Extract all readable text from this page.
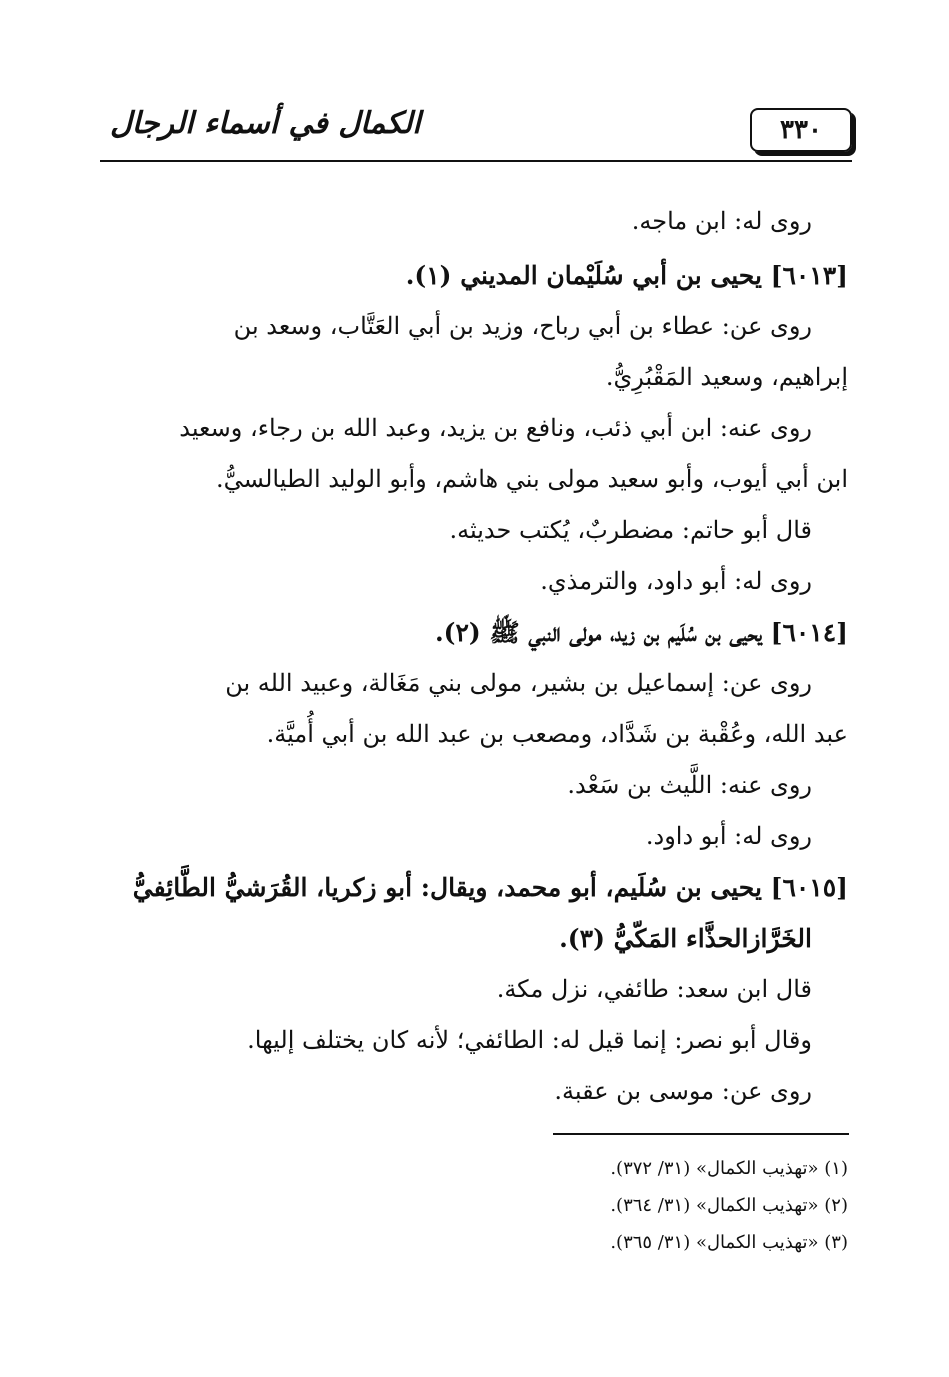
٣٣٠
الكمال في أسماء الرجال
روى له: ابن ماجه.
[٦٠١٣] يحيى بن أبي سُلَيْمان المديني (١).
روى عن: عطاء بن أبي رباح، وزيد بن أبي العَتَّاب، وسعد بن
إبراهيم، وسعيد المَقْبُرِيُّ.
روى عنه: ابن أبي ذئب، ونافع بن يزيد، وعبد الله بن رجاء، وسعيد
ابن أبي أيوب، وأبو سعيد مولى بني هاشم، وأبو الوليد الطيالسيُّ.
قال أبو حاتم: مضطربٌ، يُكتب حديثه.
روى له: أبو داود، والترمذي.
[٦٠١٤] يحيى بن سُلَيم بن زيد، مولى النبي ﷺ (٢).
روى عن: إسماعيل بن بشير، مولى بني مَغَالة، وعبيد الله بن
عبد الله، وعُقْبة بن شَدَّاد، ومصعب بن عبد الله بن أبي أُميَّة.
روى عنه: اللَّيث بن سَعْد.
روى له: أبو داود.
[٦٠١٥] يحيى بن سُلَيم، أبو محمد، ويقال: أبو زكريا، القُرَشيُّ الطَّائِفيُّ
الخَرَّازالحذَّاء المَكّيُّ (٣).
قال ابن سعد: طائفي، نزل مكة.
وقال أبو نصر: إنما قيل له: الطائفي؛ لأنه كان يختلف إليها.
روى عن: موسى بن عقبة.
(١) «تهذيب الكمال» (٣١/ ٣٧٢).
(٢) «تهذيب الكمال» (٣١/ ٣٦٤).
(٣) «تهذيب الكمال» (٣١/ ٣٦٥).
